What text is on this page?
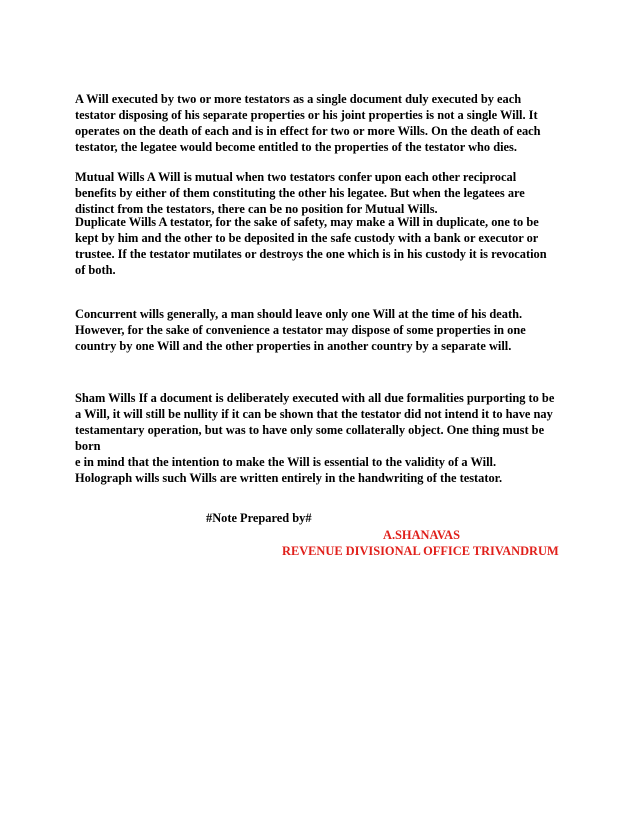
A Will executed by two or more testators as a single document duly executed by each
testator disposing of his separate properties or his joint properties is not a single Will. It
operates on the death of each and is in effect for two or more Wills. On the death of each
testator, the legatee would become entitled to the properties of the testator who dies.

Mutual Wills A Will is mutual when two testators confer upon each other reciprocal
benefits by either of them constituting the other his legatee. But when the legatees are
distinct from the testators, there can be no position for Mutual Wills.

Duplicate Wills A testator, for the sake of safety, may make a Will in duplicate, one to be
kept by him and the other to be deposited in the safe custody with a bank or executor or
trustee. If the testator mutilates or destroys the one which is in his custody it is revocation
of both.

Concurrent wills generally, a man should leave only one Will at the time of his death.
However, for the sake of convenience a testator may dispose of some properties in one
country by one Will and the other properties in another country by a separate will.

Sham Wills If a document is deliberately executed with all due formalities purporting to be
a Will, it will still be nullity if it can be shown that the testator did not intend it to have nay
testamentary operation, but was to have only some collaterally object. One thing must be
born
e in mind that the intention to make the Will is essential to the validity of a Will.
Holograph wills such Wills are written entirely in the handwriting of the testator.

#Note Prepared by#

A.SHANAVAS

REVENUE DIVISIONAL OFFICE TRIVANDRUM
